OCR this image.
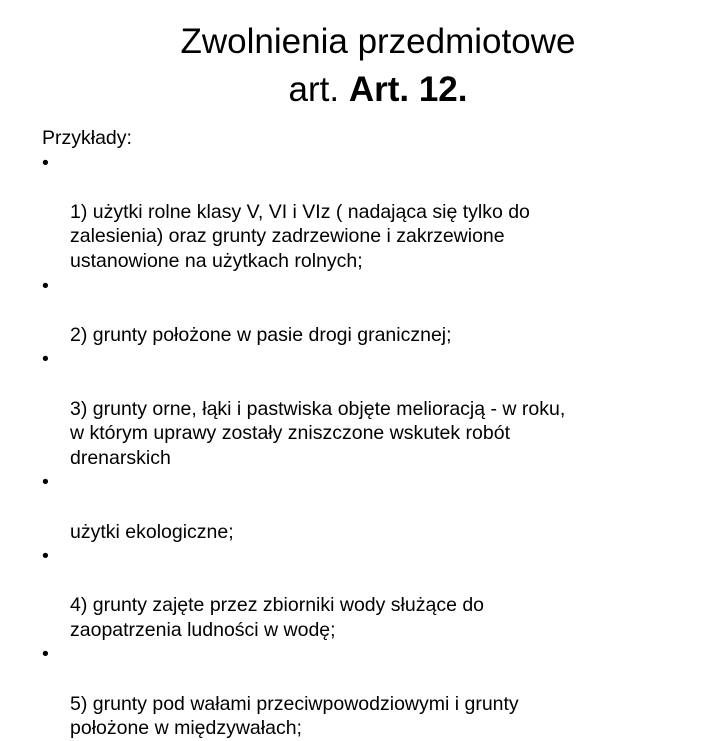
Zwolnienia przedmiotowe
art. Art. 12.

Przykłady:

•

1) użytki rolne klasy V, VI i VIz ( nadająca się tylko do
zalesienia) oraz grunty zadrzewione i zakrzewione
ustanowione na użytkach rolnych;

•

2) grunty położone w pasie drogi granicznej;

•

3) grunty orne, łąki i pastwiska objęte melioracją - w roku,
w którym uprawy zostały zniszczone wskutek robót
drenarskich

•

użytki ekologiczne;

•

4) grunty zajęte przez zbiorniki wody służące do
zaopatrzenia ludności w wodę;

•

5) grunty pod wałami przeciwpowodziowymi i grunty
położone w międzywałach;
